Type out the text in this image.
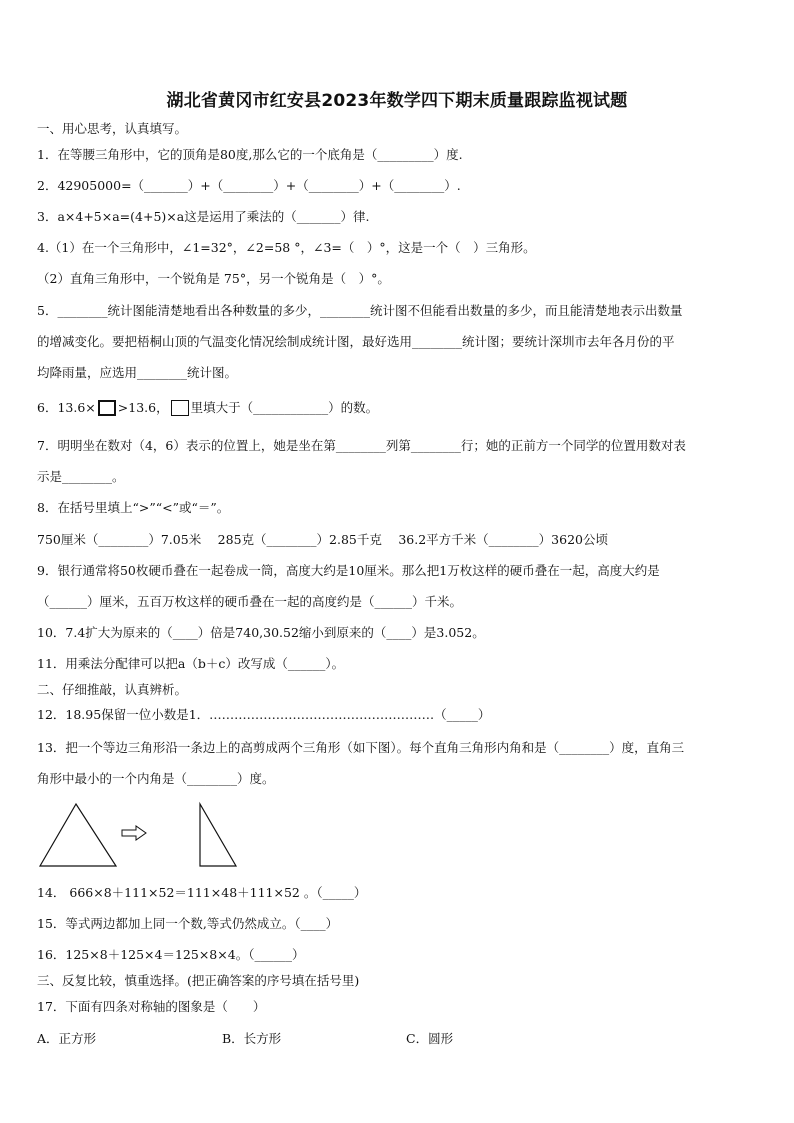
湖北省黄冈市红安县2023年数学四下期末质量跟踪监视试题
一、用心思考，认真填写。
1．在等腰三角形中，它的顶角是80度,那么它的一个底角是（_________）度.
2．42905000=（_______）+（________）+（________）+（________）.
3．a×4+5×a=(4+5)×a这是运用了乘法的（_______）律.
4.（1）在一个三角形中，∠1=32°，∠2=58 °，∠3=（　）°，这是一个（　）三角形。
（2）直角三角形中，一个锐角是 75°，另一个锐角是（　）°。
5．________统计图能清楚地看出各种数量的多少，________统计图不但能看出数量的多少，而且能清楚地表示出数量
的增减变化。要把梧桐山顶的气温变化情况绘制成统计图，最好选用________统计图；要统计深圳市去年各月份的平
均降雨量，应选用________统计图。
6．13.6× >13.6， 里填大于（____________）的数。
7．明明坐在数对（4，6）表示的位置上，她是坐在第________列第________行；她的正前方一个同学的位置用数对表
示是________。
8．在括号里填上“>”“<”或“＝”。
750厘米（________）7.05米　 285克（________）2.85千克　 36.2平方千米（________）3620公顷
9．银行通常将50枚硬币叠在一起卷成一筒，高度大约是10厘米。那么把1万枚这样的硬币叠在一起，高度大约是
（______）厘米，五百万枚这样的硬币叠在一起的高度约是（______）千米。
10．7.4扩大为原来的（____）倍是740,30.52缩小到原来的（____）是3.052。
11．用乘法分配律可以把a（b＋c）改写成（______）。
二、仔细推敲，认真辨析。
12．18.95保留一位小数是1．………………………………………………（_____）
13．把一个等边三角形沿一条边上的高剪成两个三角形（如下图）。每个直角三角形内角和是（________）度，直角三
角形中最小的一个内角是（________）度。
14． 666×8＋111×52＝111×48＋111×52 。（_____）
15．等式两边都加上同一个数,等式仍然成立。（____）
16．125×8＋125×4＝125×8×4。（______）
三、反复比较，慎重选择。(把正确答案的序号填在括号里)
17．下面有四条对称轴的图象是（　　）
A．正方形	B．长方形	C．圆形
